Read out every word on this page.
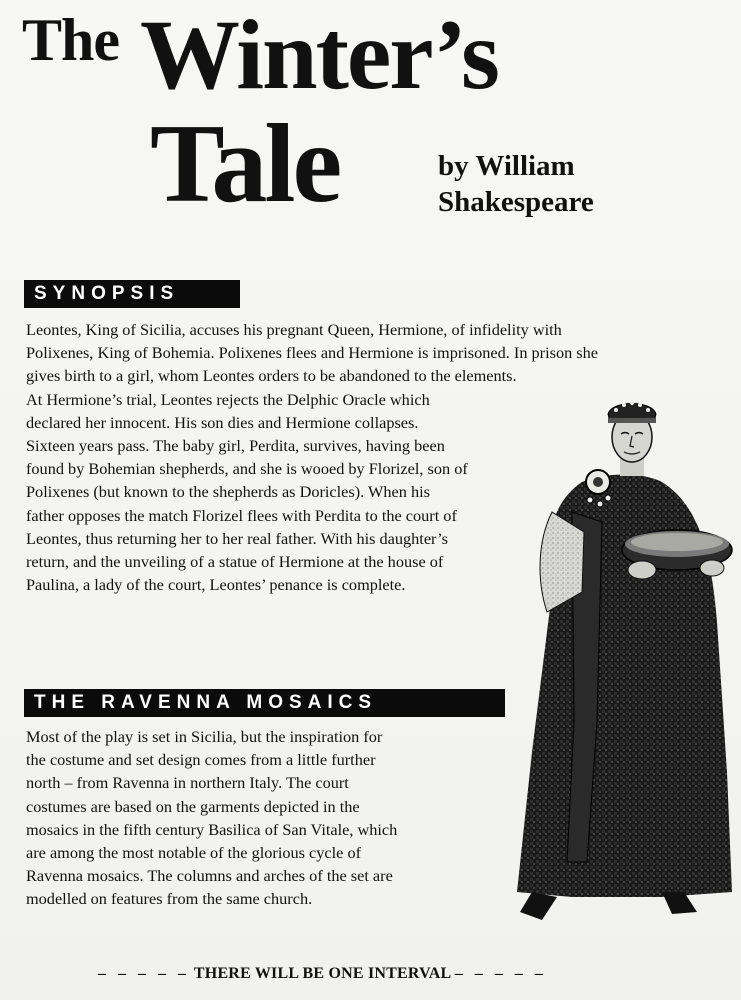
The Winter’s
Tale	by William
Shakespeare
SYNOPSIS
Leontes, King of Sicilia, accuses his pregnant Queen, Hermione, of infidelity with
Polixenes, King of Bohemia. Polixenes flees and Hermione is imprisoned. In prison she
gives birth to a girl, whom Leontes orders to be abandoned to the elements.
At Hermione’s trial, Leontes rejects the Delphic Oracle which
declared her innocent. His son dies and Hermione collapses.
Sixteen years pass. The baby girl, Perdita, survives, having been
found by Bohemian shepherds, and she is wooed by Florizel, son of
Polixenes (but known to the shepherds as Doricles). When his
father opposes the match Florizel flees with Perdita to the court of
Leontes, thus returning her to her real father. With his daughter’s
return, and the unveiling of a statue of Hermione at the house of
Paulina, a lady of the court, Leontes’ penance is complete.
THE RAVENNA MOSAICS
Most of the play is set in Sicilia, but the inspiration for
the costume and set design comes from a little further
north – from Ravenna in northern Italy. The court
costumes are based on the garments depicted in the
mosaics in the fifth century Basilica of San Vitale, which
are among the most notable of the glorious cycle of
Ravenna mosaics. The columns and arches of the set are
modelled on features from the same church.
– – – – – THERE WILL BE ONE INTERVAL – – – – –
